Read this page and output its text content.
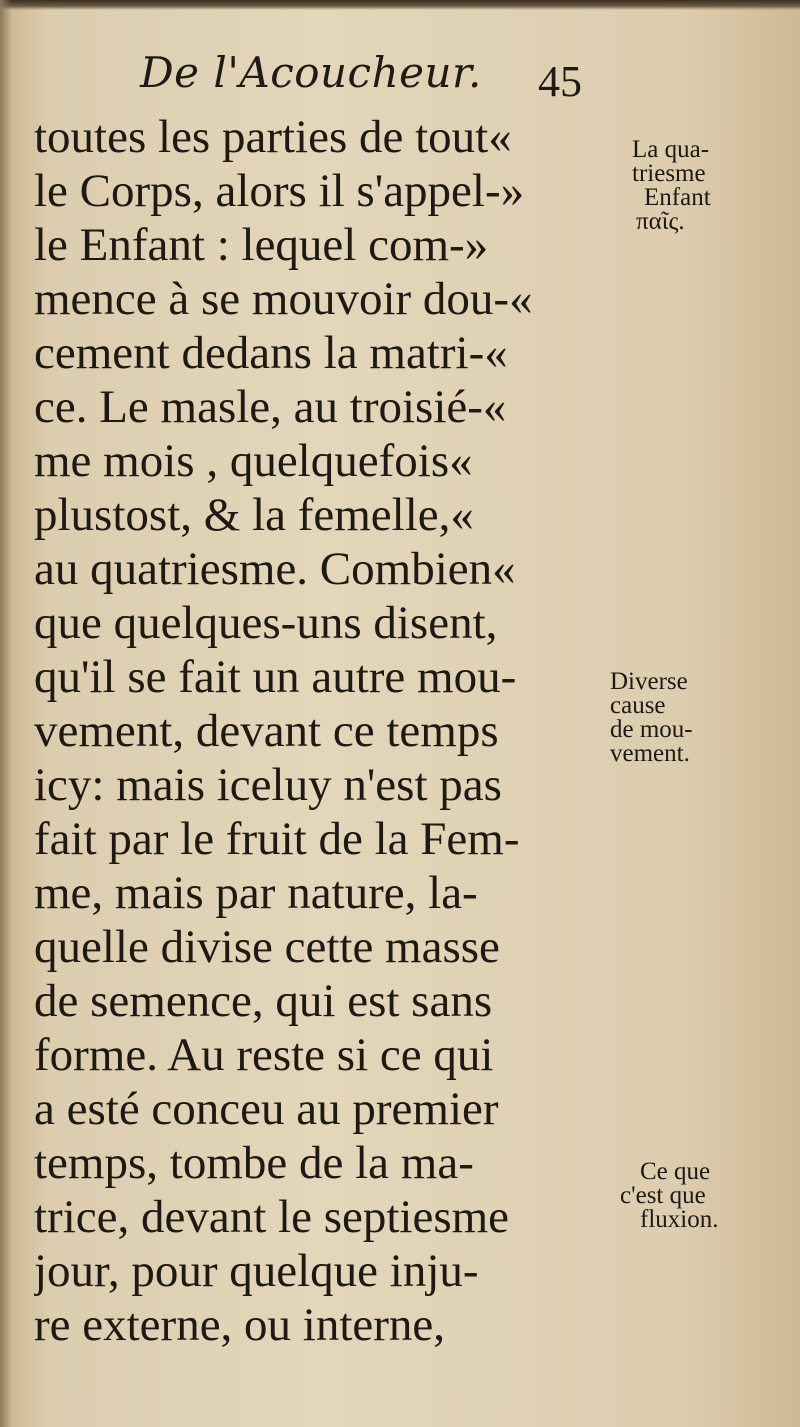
De l'Acoucheur. 45
toutes les parties de tout«
le Corps, alors il s'appel-»
le Enfant : lequel com-»
mence à se mouvoir dou-«
cement dedans la matri-«
ce. Le masle, au troisié-«
me mois , quelquefois«
plustost, & la femelle,«
au quatriesme. Combien«
que quelques-uns disent,
qu'il se fait un autre mou-
vement, devant ce temps
icy: mais iceluy n'est pas
fait par le fruit de la Fem-
me, mais par nature, la-
quelle divise cette masse
de semence, qui est sans
forme. Au reste si ce qui
a esté conceu au premier
temps, tombe de la ma-
trice, devant le septiesme
jour, pour quelque inju-
re externe, ou interne,
La qua-
triesme
Enfant
παῖς.
Diverse
cause
de mou-
vement.
Ce que
c'est que
fluxion.
